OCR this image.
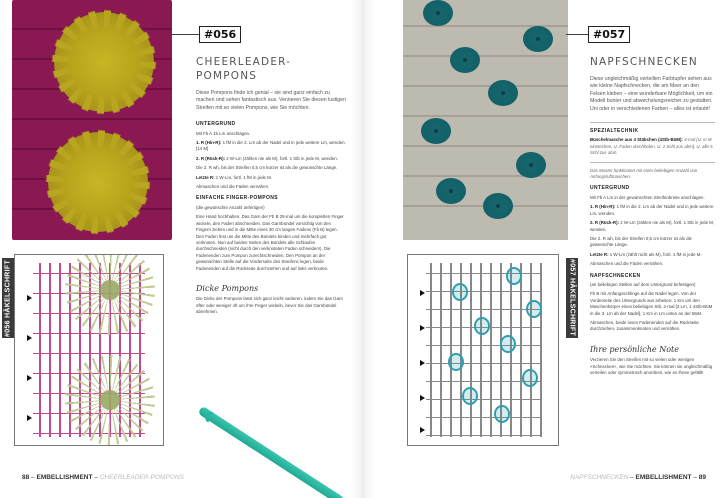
#056 HÄKELSCHRIFT	#057 HÄKELSCHRIFT
#056	#057
CHEERLEADER-
POMPONS
Diese Pompons finde ich genial – sie sind ganz einfach zu machen und sehen fantastisch aus. Verzieren Sie diesen lustigen Streifen mit so vielen Pompons, wie Sie möchten.
UNTERGRUND
Mit Fb A 15 Lm anschlagen.
1. R (Hin-R): 1 fM in die 2. Lm ab der Nadel und in jede weitere Lm, wenden. [14 M]
2. R (Rück-R): 2 W-Lm (zählen nie als M), fortl. 1 Stb in jede M, wenden.
Die 2. R wh, bis der Streifen 0,5 cm kürzer ist als die gewünschte Länge.
Letzte R: 1 W-Lm, fortl. 1 fM in jede M.
Abmaschen und die Fäden vernähen.
EINFACHE FINGER-POMPONS
(die gewünschte Anzahl anfertigen)
Eine Hand hochhalten. Das Garn der Fb B 25-mal um die kompletten Finger wickeln, den Faden abschneiden. Das Garnbündel vorsichtig von den Fingern ziehen und in die Mitte eines 30 cm langen Fadens (Fb B) legen. Den Faden fest um die Mitte des Bündels binden und mehrfach gut verknoten. Nun auf beiden Seiten des Bündels alle Schlaufen durchschneiden (nicht durch den verknoteten Faden schneiden!). Die Fadenenden zum Pompon zurechtschneiden. Den Pompon an der gewünschten Stelle auf die Vorderseite des Streifens legen, beide Fadenenden auf die Rückseite durchziehen und auf links verknoten.
Dicke Pompons
Die Dicke der Pompons lässt sich ganz leicht variieren, indem Sie das Garn öfter oder weniger oft um Ihre Finger wickeln, bevor Sie das Garnbündel abnehmen.
NAPFSCHNECKEN
Diese ungleichmäßig verteilten Farbtupfer sehen aus wie kleine Napfschnecken, die am Meer an den Felsen kleben – eine wunderbare Möglichkeit, um ein Modell bunter und abwechslungsreicher zu gestalten. Uni oder in verschiedenen Farben – alles ist erlaubt!
SPEZIALTECHNIK
Büschelmasche aus 4 Stäbchen (4Stb-BüM): 4-mal [U. in M einstechen, U. Faden durchholen, U. 2 Schl zus abm], U. alle 5 Schl zus abm.
Das Muster funktioniert mit einer beliebigen Anzahl von Anfangsluftmaschen.
UNTERGRUND
Mit Fb A Lm in der gewünschten Streifenbreite anschlagen.
1. R (Hin-R): 1 fM in die 2. Lm ab der Nadel und in jede weitere Lm, wenden.
2. R (Rück-R): 2 W-Lm (zählen nie als M), fortl. 1 Stb in jede M, wenden.
Die 2. R wh, bis der Streifen 0,5 cm kürzer ist als die gewünschte Länge.
Letzte R: 1 W-Lm (zählt nicht als M), fortl. 1 fM in jede M.
Abmaschen und die Fäden vernähen.
NAPFSCHNECKEN
(an beliebigen Stellen auf dem Untergrund befestigen)
Fb B mit Anfangsschlinge auf die Nadel legen. Von der Vorderseite des Untergrunds aus arbeiten: 1 Km um den Maschenkörper eines beliebigen Stb, 2-mal [3 Lm, 1 4Stb-BüM in die 3. Lm ab der Nadel], 1 Km in Lm unten an der BüM.
Abmaschen, beide losen Fadenenden auf die Rückseite durchziehen, zusammenknoten und vernähen.
Ihre persönliche Note
Verzieren Sie den Streifen mit so vielen oder wenigen »Schnecken«, wie Sie möchten. Sie können sie ungleichmäßig verteilen oder symmetrisch anordnen, wie es Ihnen gefällt!
88 – EMBELLISHMENT – CHEERLEADER-POMPONS	NAPFSCHNECKEN – EMBELLISHMENT – 89
